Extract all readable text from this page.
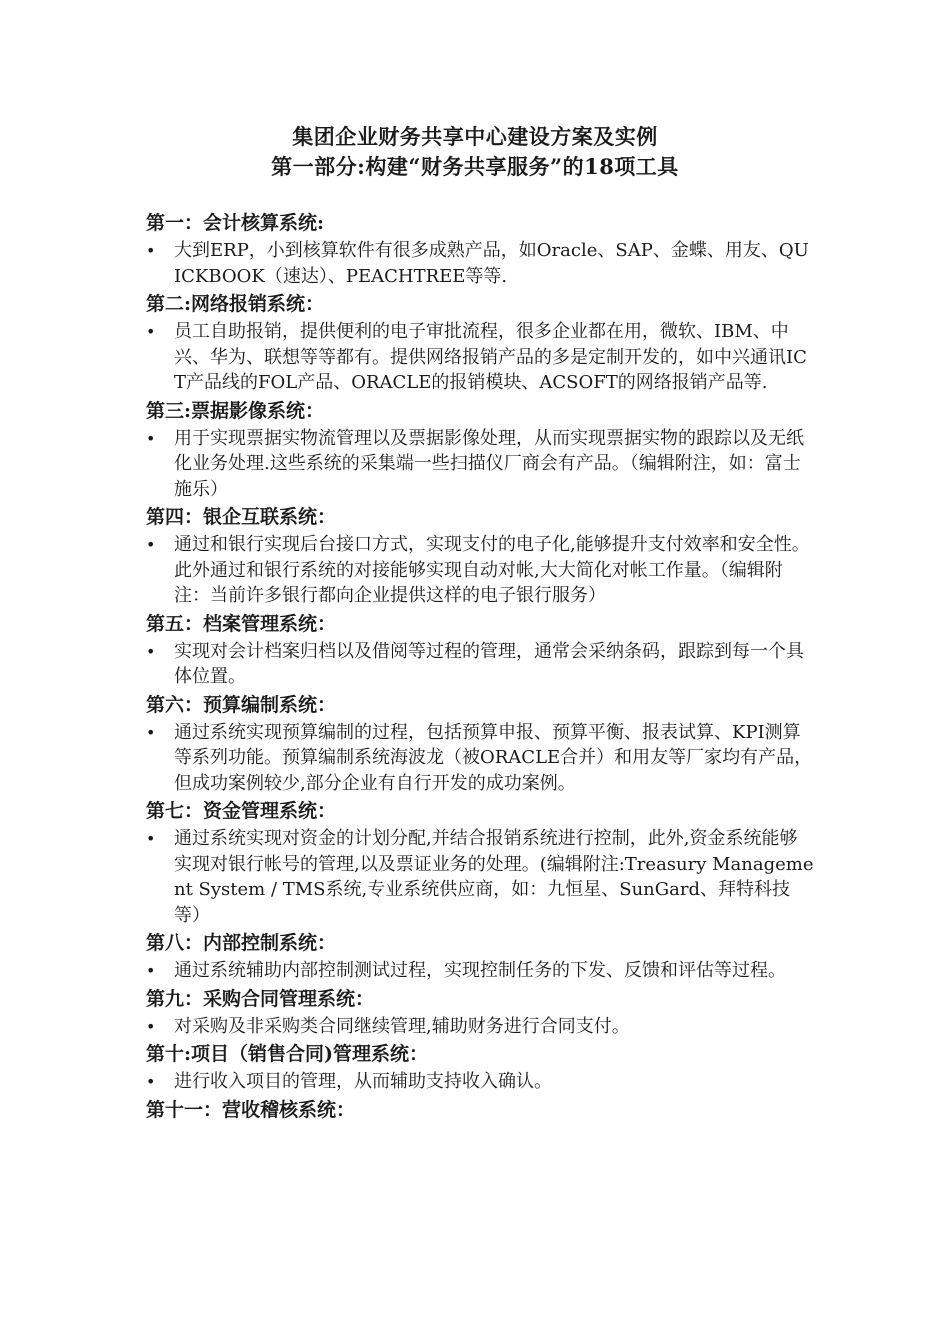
集团企业财务共享中心建设方案及实例
第一部分:构建“财务共享服务”的18项工具
第一：会计核算系统:
• 大到ERP，小到核算软件有很多成熟产品，如Oracle、SAP、金蝶、用友、QUICKBOOK（速达）、PEACHTREE等等.
第二:网络报销系统：
• 员工自助报销，提供便利的电子审批流程，很多企业都在用，微软、IBM、中兴、华为、联想等等都有。提供网络报销产品的多是定制开发的，如中兴通讯ICT产品线的FOL产品、ORACLE的报销模块、ACSOFT的网络报销产品等.
第三:票据影像系统：
• 用于实现票据实物流管理以及票据影像处理，从而实现票据实物的跟踪以及无纸化业务处理.这些系统的采集端一些扫描仪厂商会有产品。（编辑附注，如：富士施乐）
第四：银企互联系统：
• 通过和银行实现后台接口方式，实现支付的电子化,能够提升支付效率和安全性。此外通过和银行系统的对接能够实现自动对帐,大大简化对帐工作量。（编辑附注：当前许多银行都向企业提供这样的电子银行服务）
第五：档案管理系统：
• 实现对会计档案归档以及借阅等过程的管理，通常会采纳条码，跟踪到每一个具体位置。
第六：预算编制系统：
• 通过系统实现预算编制的过程，包括预算申报、预算平衡、报表试算、KPI测算等系列功能。预算编制系统海波龙（被ORACLE合并）和用友等厂家均有产品，但成功案例较少,部分企业有自行开发的成功案例。
第七：资金管理系统：
• 通过系统实现对资金的计划分配,并结合报销系统进行控制，此外,资金系统能够实现对银行帐号的管理,以及票证业务的处理。(编辑附注:Treasury Management System / TMS系统,专业系统供应商，如：九恒星、SunGard、拜特科技 等）
第八：内部控制系统：
• 通过系统辅助内部控制测试过程，实现控制任务的下发、反馈和评估等过程。
第九：采购合同管理系统：
• 对采购及非采购类合同继续管理,辅助财务进行合同支付。
第十:项目（销售合同)管理系统：
• 进行收入项目的管理，从而辅助支持收入确认。
第十一：营收稽核系统：
